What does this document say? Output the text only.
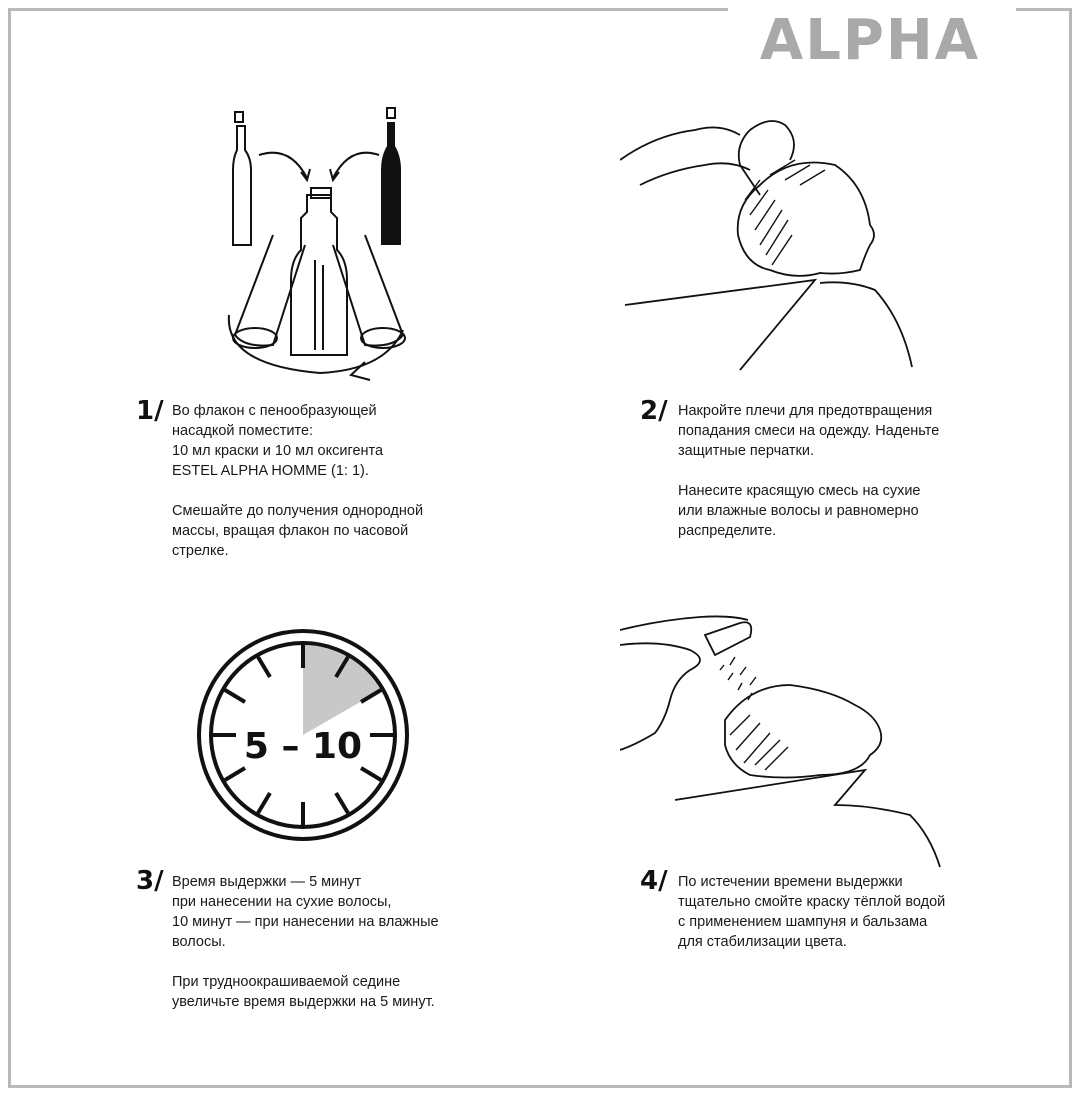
ALPHA
5 – 10
1/ Во флакон с пенообразующей
насадкой поместите:
10 мл краски и 10 мл оксигента
ESTEL ALPHA HOMME (1: 1).

Смешайте до получения однородной
массы, вращая флакон по часовой
стрелке.

2/ Накройте плечи для предотвращения
попадания смеси на одежду. Наденьте
защитные перчатки.

Нанесите красящую смесь на сухие
или влажные волосы и равномерно
распределите.

3/ Время выдержки — 5 минут
при нанесении на сухие волосы,
10 минут — при нанесении на влажные
волосы.

При трудноокрашиваемой седине
увеличьте время выдержки на 5 минут.

4/ По истечении времени выдержки
тщательно смойте краску тёплой водой
с применением шампуня и бальзама
для стабилизации цвета.
